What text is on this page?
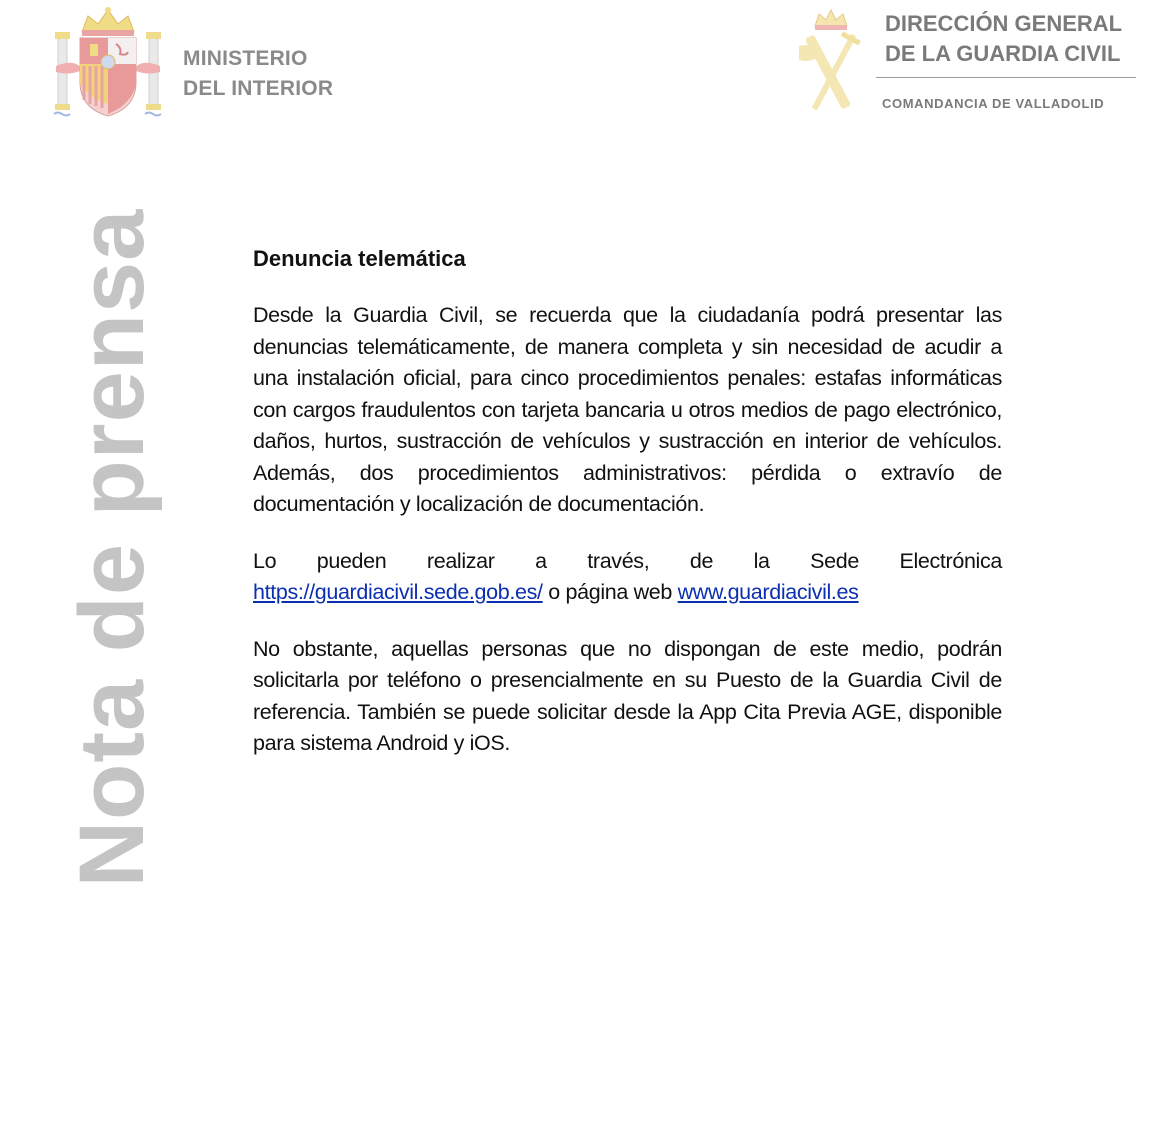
MINISTERIO
DEL INTERIOR
DIRECCIÓN GENERAL
DE LA GUARDIA CIVIL
COMANDANCIA DE VALLADOLID
Nota de prensa	Denuncia telemática

Desde la Guardia Civil, se recuerda que la ciudadanía podrá presentar las denuncias telemáticamente, de manera completa y sin necesidad de acudir a una instalación oficial, para cinco procedimientos penales: estafas informáticas con cargos fraudulentos con tarjeta bancaria u otros medios de pago electrónico, daños, hurtos, sustracción de vehículos y sustracción en interior de vehículos. Además, dos procedimientos administrativos: pérdida o extravío de documentación y localización de documentación.

Lo pueden realizar a través, de la Sede Electrónica https://guardiacivil.sede.gob.es/ o página web www.guardiacivil.es

No obstante, aquellas personas que no dispongan de este medio, podrán solicitarla por teléfono o presencialmente en su Puesto de la Guardia Civil de referencia. También se puede solicitar desde la App Cita Previa AGE, disponible para sistema Android y iOS.
